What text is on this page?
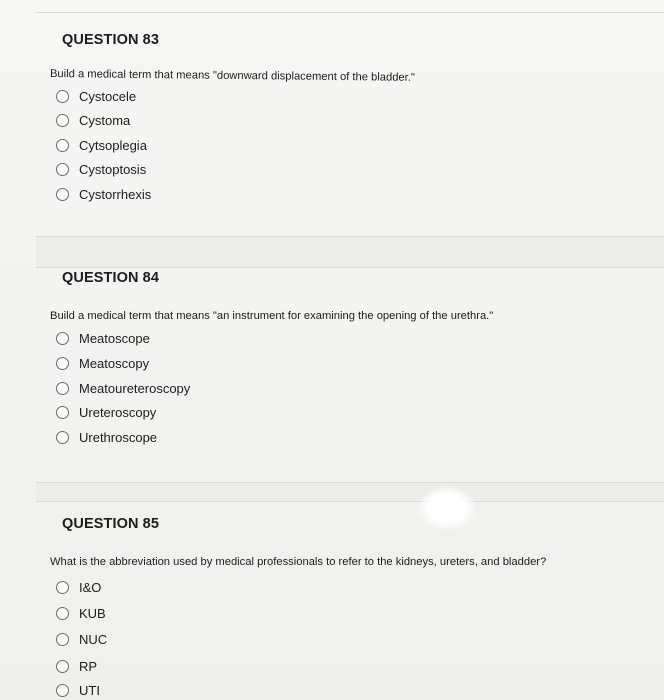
QUESTION 83
Build a medical term that means "downward displacement of the bladder."
Cystocele
Cystoma
Cytsoplegia
Cystoptosis
Cystorrhexis
QUESTION 84
Build a medical term that means "an instrument for examining the opening of the urethra."
Meatoscope
Meatoscopy
Meatoureteroscopy
Ureteroscopy
Urethroscope
QUESTION 85
What is the abbreviation used by medical professionals to refer to the kidneys, ureters, and bladder?
I&O
KUB
NUC
RP
UTI
